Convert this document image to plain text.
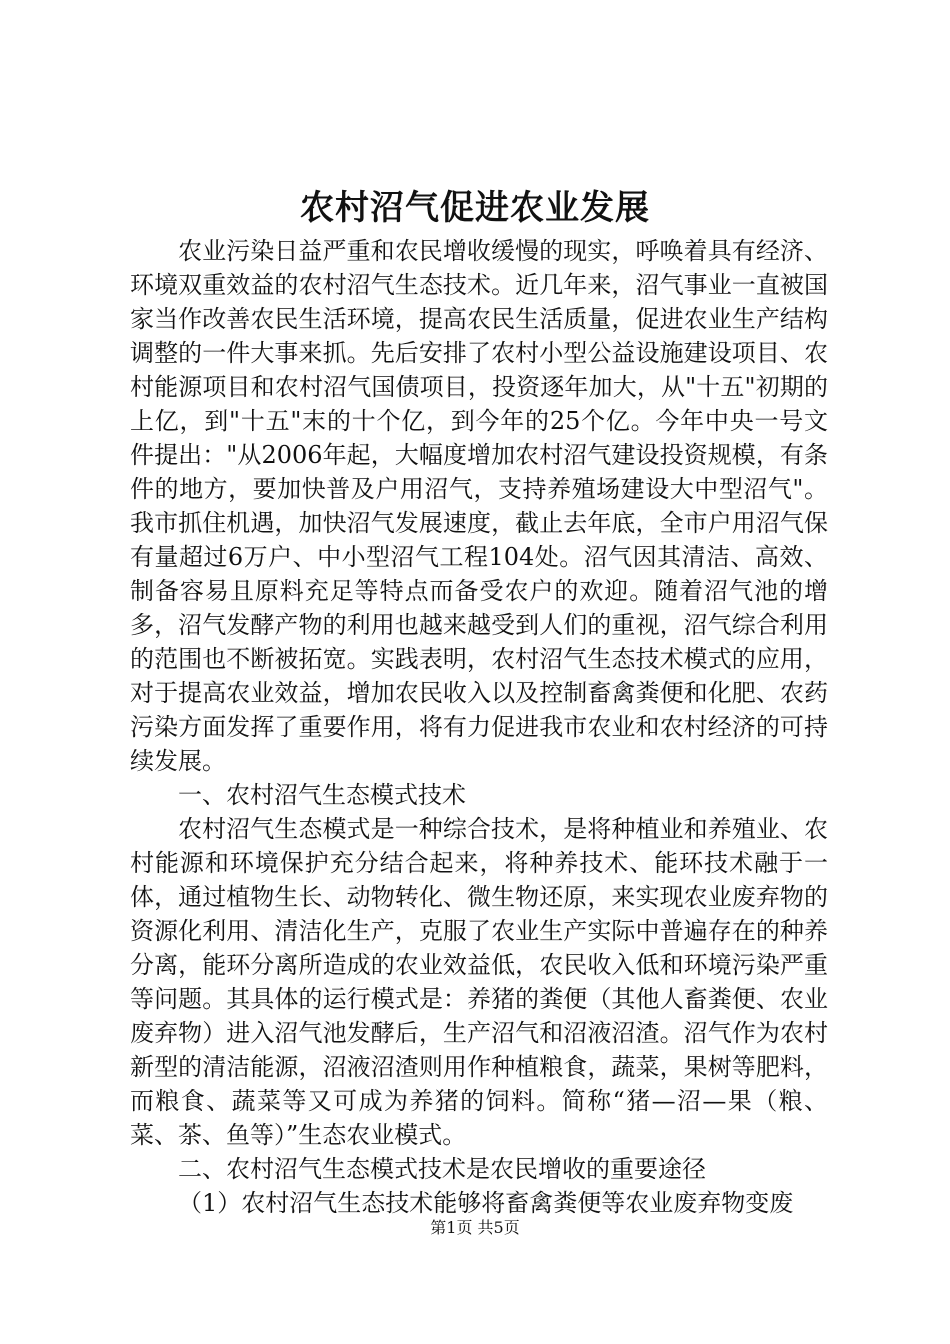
农村沼气促进农业发展

农业污染日益严重和农民增收缓慢的现实，呼唤着具有经济、环境双重效益的农村沼气生态技术。近几年来，沼气事业一直被国家当作改善农民生活环境，提高农民生活质量，促进农业生产结构调整的一件大事来抓。先后安排了农村小型公益设施建设项目、农村能源项目和农村沼气国债项目，投资逐年加大，从"十五"初期的上亿，到"十五"末的十个亿，到今年的25个亿。今年中央一号文件提出："从2006年起，大幅度增加农村沼气建设投资规模，有条件的地方，要加快普及户用沼气，支持养殖场建设大中型沼气"。我市抓住机遇，加快沼气发展速度，截止去年底，全市户用沼气保有量超过6万户、中小型沼气工程104处。沼气因其清洁、高效、制备容易且原料充足等特点而备受农户的欢迎。随着沼气池的增多，沼气发酵产物的利用也越来越受到人们的重视，沼气综合利用的范围也不断被拓宽。实践表明，农村沼气生态技术模式的应用，对于提高农业效益，增加农民收入以及控制畜禽粪便和化肥、农药污染方面发挥了重要作用，将有力促进我市农业和农村经济的可持续发展。

一、农村沼气生态模式技术

农村沼气生态模式是一种综合技术，是将种植业和养殖业、农村能源和环境保护充分结合起来，将种养技术、能环技术融于一体，通过植物生长、动物转化、微生物还原，来实现农业废弃物的资源化利用、清洁化生产，克服了农业生产实际中普遍存在的种养分离，能环分离所造成的农业效益低，农民收入低和环境污染严重等问题。其具体的运行模式是：养猪的粪便（其他人畜粪便、农业废弃物）进入沼气池发酵后，生产沼气和沼液沼渣。沼气作为农村新型的清洁能源，沼液沼渣则用作种植粮食，蔬菜，果树等肥料，而粮食、蔬菜等又可成为养猪的饲料。简称“猪—沼—果（粮、菜、茶、鱼等）”生态农业模式。

二、农村沼气生态模式技术是农民增收的重要途径

（1）农村沼气生态技术能够将畜禽粪便等农业废弃物变废

第1页 共5页
